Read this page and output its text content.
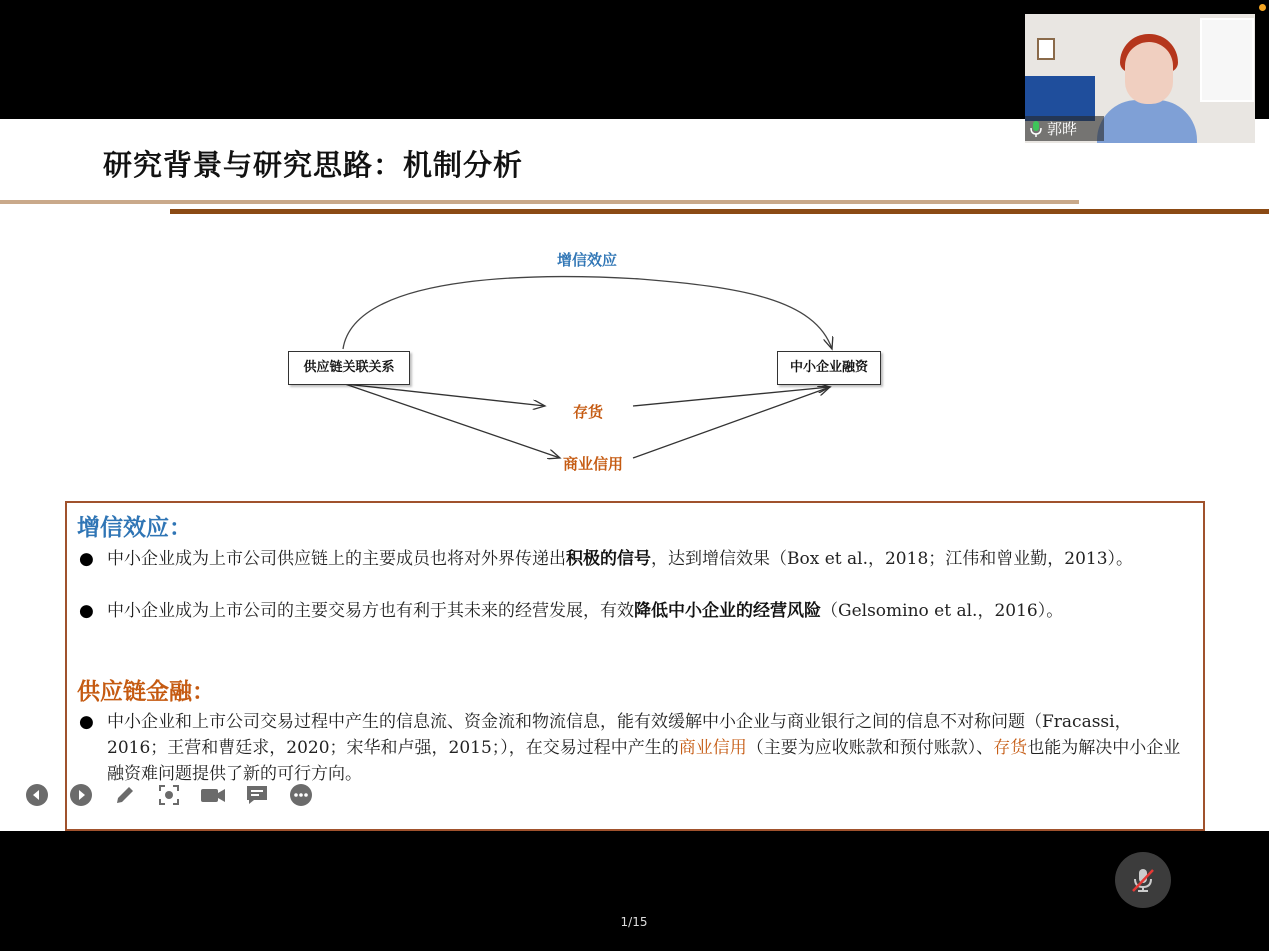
研究背景与研究思路：机制分析
供应链关联关系	中小企业融资
增信效应
存货
商业信用
增信效应：
● 中小企业成为上市公司供应链上的主要成员也将对外界传递出积极的信号，达到增信效果（Box et al.，2018；江伟和曾业勤，2013）。
● 中小企业成为上市公司的主要交易方也有利于其未来的经营发展，有效降低中小企业的经营风险（Gelsomino et al.，2016）。
供应链金融：
● 中小企业和上市公司交易过程中产生的信息流、资金流和物流信息，能有效缓解中小企业与商业银行之间的信息不对称问题（Fracassi，2016；王营和曹廷求，2020；宋华和卢强，2015；），在交易过程中产生的商业信用（主要为应收账款和预付账款）、存货也能为解决中小企业融资难问题提供了新的可行方向。
郭晔
1/15
